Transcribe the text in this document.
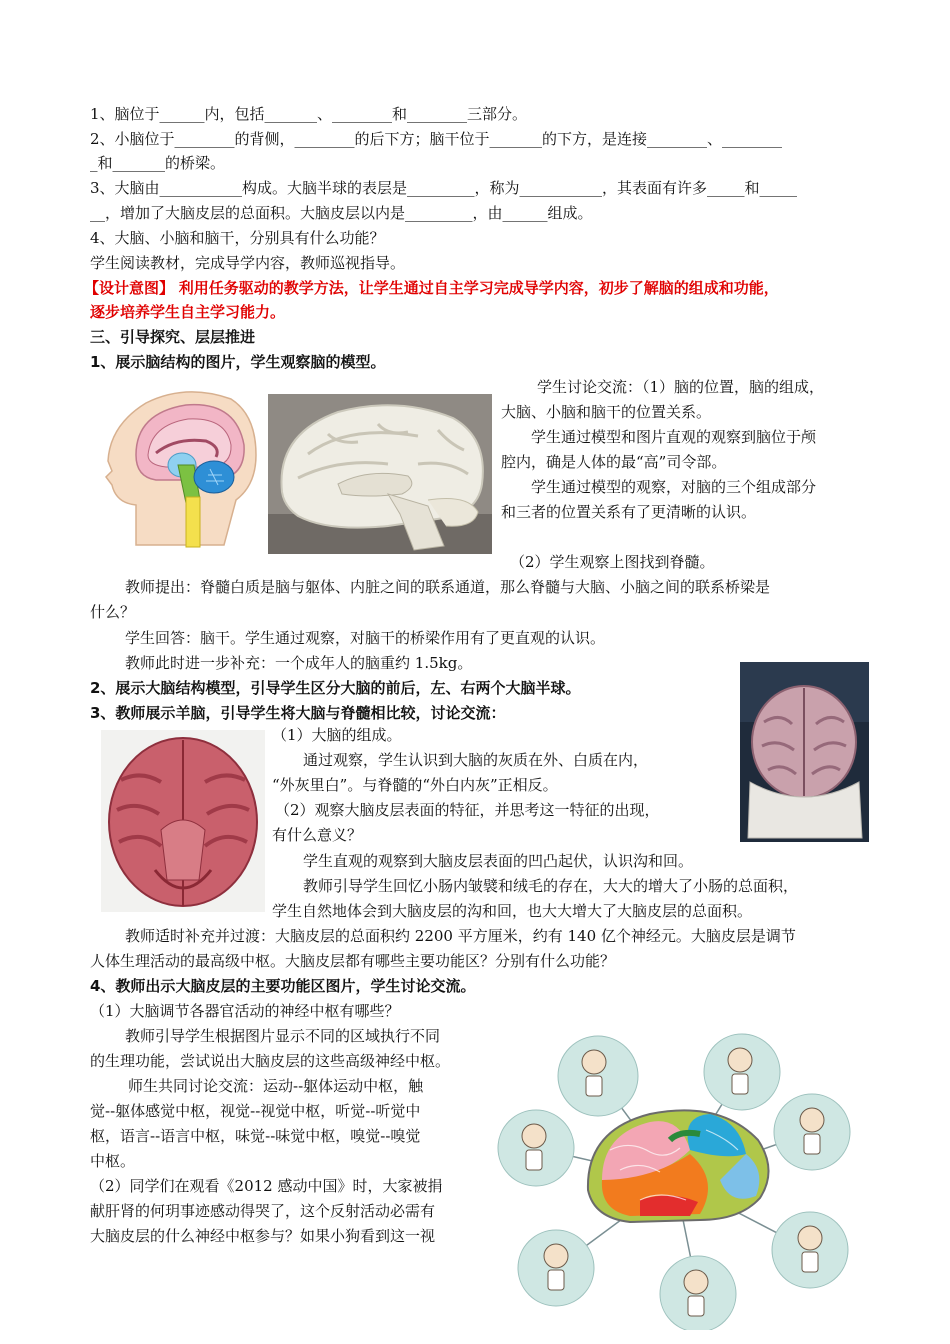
1、脑位于______内，包括_______、________和________三部分。
2、小脑位于________的背侧，________的后下方；脑干位于_______的下方，是连接________、________
_和_______的桥梁。
3、大脑由___________构成。大脑半球的表层是_________，称为___________，其表面有许多_____和_____
__，增加了大脑皮层的总面积。大脑皮层以内是_________，由______组成。
4、大脑、小脑和脑干，分别具有什么功能？
学生阅读教材，完成导学内容，教师巡视指导。
【设计意图】 利用任务驱动的教学方法，让学生通过自主学习完成导学内容，初步了解脑的组成和功能，
逐步培养学生自主学习能力。
三、引导探究、层层推进
1、展示脑结构的图片，学生观察脑的模型。
学生讨论交流：（1）脑的位置，脑的组成，
大脑、小脑和脑干的位置关系。
学生通过模型和图片直观的观察到脑位于颅
腔内，确是人体的最“高”司令部。
学生通过模型的观察，对脑的三个组成部分
和三者的位置关系有了更清晰的认识。
（2）学生观察上图找到脊髓。
教师提出：脊髓白质是脑与躯体、内脏之间的联系通道，那么脊髓与大脑、小脑之间的联系桥梁是
什么？
学生回答：脑干。学生通过观察，对脑干的桥梁作用有了更直观的认识。
教师此时进一步补充：一个成年人的脑重约 1.5kg。
2、展示大脑结构模型，引导学生区分大脑的前后，左、右两个大脑半球。
3、教师展示羊脑，引导学生将大脑与脊髓相比较，讨论交流：
（1）大脑的组成。
通过观察，学生认识到大脑的灰质在外、白质在内，
“外灰里白”。与脊髓的“外白内灰”正相反。
（2）观察大脑皮层表面的特征，并思考这一特征的出现，
有什么意义？
学生直观的观察到大脑皮层表面的凹凸起伏，认识沟和回。
教师引导学生回忆小肠内皱襞和绒毛的存在，大大的增大了小肠的总面积，
学生自然地体会到大脑皮层的沟和回，也大大增大了大脑皮层的总面积。
教师适时补充并过渡：大脑皮层的总面积约 2200 平方厘米，约有 140 亿个神经元。大脑皮层是调节
人体生理活动的最高级中枢。大脑皮层都有哪些主要功能区？分别有什么功能？
4、教师出示大脑皮层的主要功能区图片，学生讨论交流。
（1）大脑调节各器官活动的神经中枢有哪些？
教师引导学生根据图片显示不同的区域执行不同
的生理功能，尝试说出大脑皮层的这些高级神经中枢。
师生共同讨论交流：运动--躯体运动中枢，触
觉--躯体感觉中枢，视觉--视觉中枢，听觉--听觉中
枢，语言--语言中枢，味觉--味觉中枢，嗅觉--嗅觉
中枢。
（2）同学们在观看《2012 感动中国》时，大家被捐
献肝肾的何玥事迹感动得哭了，这个反射活动必需有
大脑皮层的什么神经中枢参与？如果小狗看到这一视
